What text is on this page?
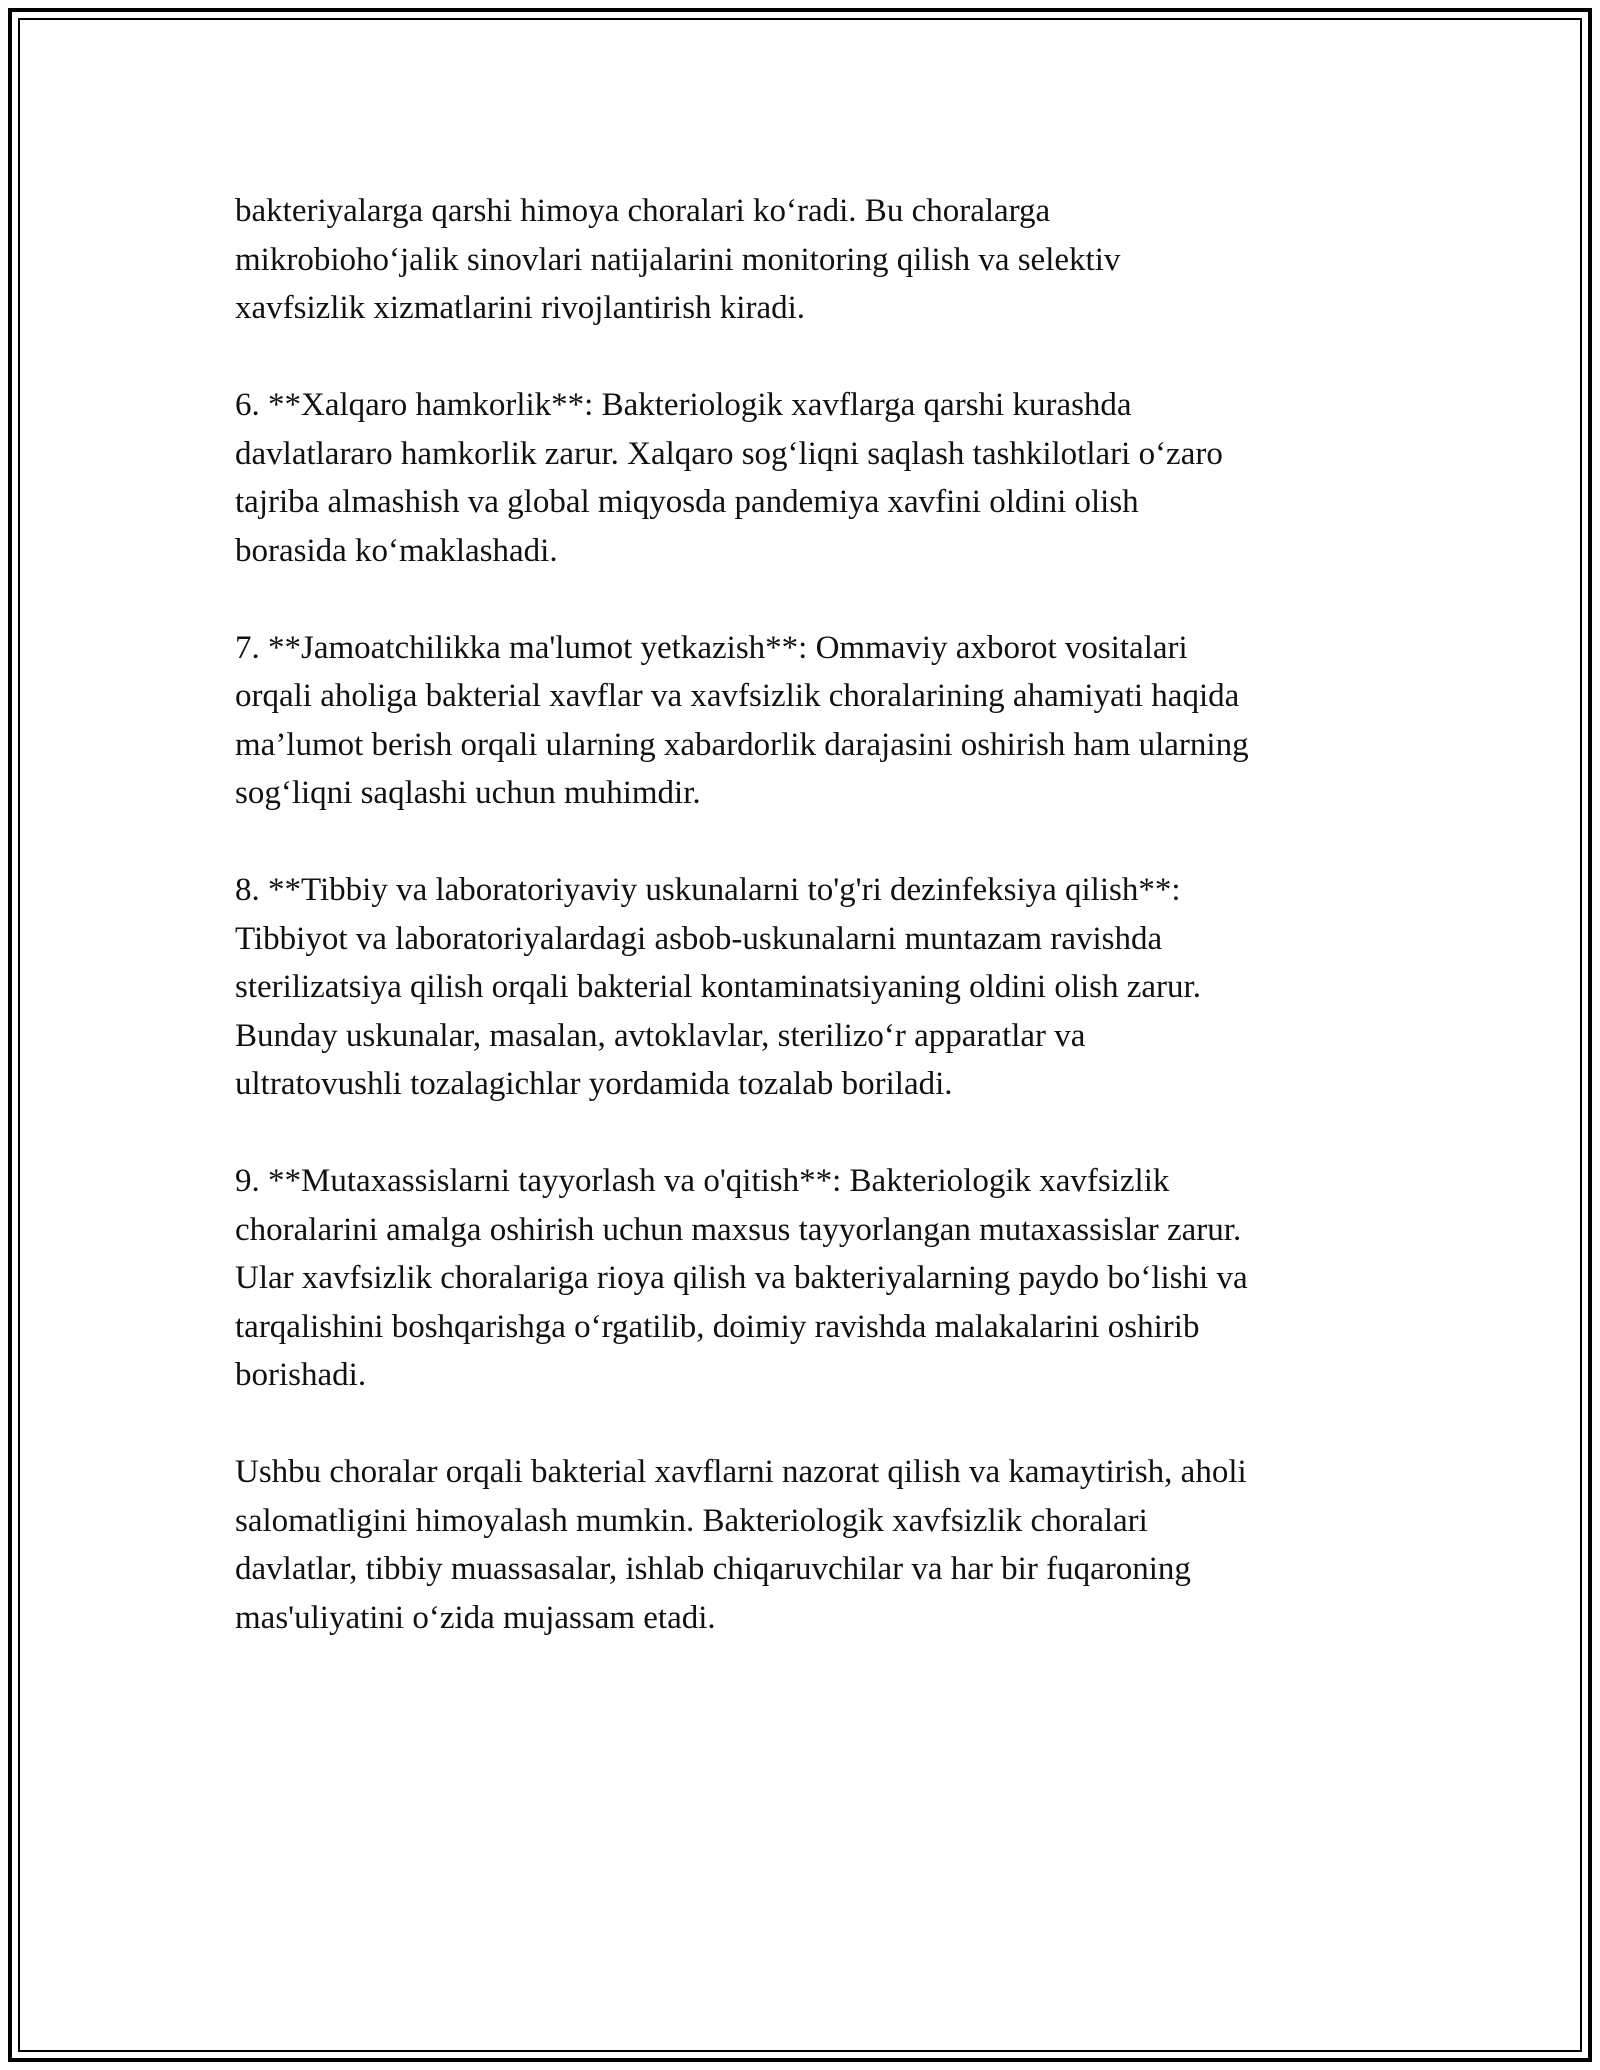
bakteriyalarga qarshi himoya choralari ko‘radi. Bu choralarga
mikrobioho‘jalik sinovlari natijalarini monitoring qilish va selektiv
xavfsizlik xizmatlarini rivojlantirish kiradi.

6. **Xalqaro hamkorlik**: Bakteriologik xavflarga qarshi kurashda
davlatlararo hamkorlik zarur. Xalqaro sog‘liqni saqlash tashkilotlari o‘zaro
tajriba almashish va global miqyosda pandemiya xavfini oldini olish
borasida ko‘maklashadi.

7. **Jamoatchilikka ma'lumot yetkazish**: Ommaviy axborot vositalari
orqali aholiga bakterial xavflar va xavfsizlik choralarining ahamiyati haqida
ma’lumot berish orqali ularning xabardorlik darajasini oshirish ham ularning
sog‘liqni saqlashi uchun muhimdir.

8. **Tibbiy va laboratoriyaviy uskunalarni to'g'ri dezinfeksiya qilish**:
Tibbiyot va laboratoriyalardagi asbob-uskunalarni muntazam ravishda
sterilizatsiya qilish orqali bakterial kontaminatsiyaning oldini olish zarur.
Bunday uskunalar, masalan, avtoklavlar, sterilizo‘r apparatlar va
ultratovushli tozalagichlar yordamida tozalab boriladi.

9. **Mutaxassislarni tayyorlash va o'qitish**: Bakteriologik xavfsizlik
choralarini amalga oshirish uchun maxsus tayyorlangan mutaxassislar zarur.
Ular xavfsizlik choralariga rioya qilish va bakteriyalarning paydo bo‘lishi va
tarqalishini boshqarishga o‘rgatilib, doimiy ravishda malakalarini oshirib
borishadi.

Ushbu choralar orqali bakterial xavflarni nazorat qilish va kamaytirish, aholi
salomatligini himoyalash mumkin. Bakteriologik xavfsizlik choralari
davlatlar, tibbiy muassasalar, ishlab chiqaruvchilar va har bir fuqaroning
mas'uliyatini o‘zida mujassam etadi.
